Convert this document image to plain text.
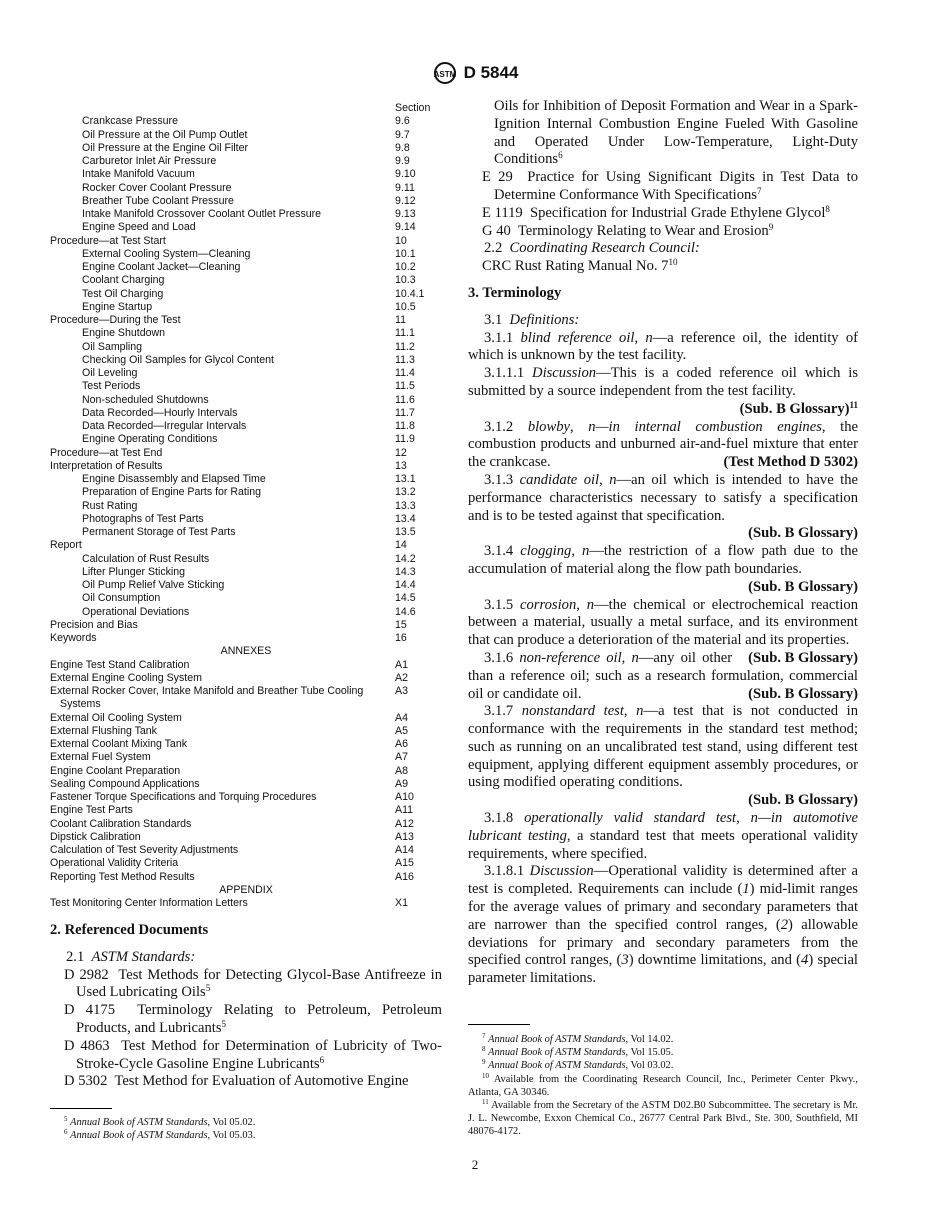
ASTM D 5844
Section
Crankcase Pressure	9.6
Oil Pressure at the Oil Pump Outlet	9.7
Oil Pressure at the Engine Oil Filter	9.8
Carburetor Inlet Air Pressure	9.9
Intake Manifold Vacuum	9.10
Rocker Cover Coolant Pressure	9.11
Breather Tube Coolant Pressure	9.12
Intake Manifold Crossover Coolant Outlet Pressure	9.13
Engine Speed and Load	9.14
Procedure—at Test Start	10
External Cooling System—Cleaning	10.1
Engine Coolant Jacket—Cleaning	10.2
Coolant Charging	10.3
Test Oil Charging	10.4.1
Engine Startup	10.5
Procedure—During the Test	11
Engine Shutdown	11.1
Oil Sampling	11.2
Checking Oil Samples for Glycol Content	11.3
Oil Leveling	11.4
Test Periods	11.5
Non-scheduled Shutdowns	11.6
Data Recorded—Hourly Intervals	11.7
Data Recorded—Irregular Intervals	11.8
Engine Operating Conditions	11.9
Procedure—at Test End	12
Interpretation of Results	13
Engine Disassembly and Elapsed Time	13.1
Preparation of Engine Parts for Rating	13.2
Rust Rating	13.3
Photographs of Test Parts	13.4
Permanent Storage of Test Parts	13.5
Report	14
Calculation of Rust Results	14.2
Lifter Plunger Sticking	14.3
Oil Pump Relief Valve Sticking	14.4
Oil Consumption	14.5
Operational Deviations	14.6
Precision and Bias	15
Keywords	16
ANNEXES
Engine Test Stand Calibration	A1
External Engine Cooling System	A2
External Rocker Cover, Intake Manifold and Breather Tube Cooling	A3
Systems
External Oil Cooling System	A4
External Flushing Tank	A5
External Coolant Mixing Tank	A6
External Fuel System	A7
Engine Coolant Preparation	A8
Sealing Compound Applications	A9
Fastener Torque Specifications and Torquing Procedures	A10
Engine Test Parts	A11
Coolant Calibration Standards	A12
Dipstick Calibration	A13
Calculation of Test Severity Adjustments	A14
Operational Validity Criteria	A15
Reporting Test Method Results	A16
APPENDIX
Test Monitoring Center Information Letters	X1
2. Referenced Documents

2.1 ASTM Standards:

D 2982 Test Methods for Detecting Glycol-Base Antifreeze in Used Lubricating Oils$^5$

D 4175 Terminology Relating to Petroleum, Petroleum Products, and Lubricants$^5$

D 4863 Test Method for Determination of Lubricity of Two-Stroke-Cycle Gasoline Engine Lubricants$^6$

D 5302 Test Method for Evaluation of Automotive Engine

$^5$ Annual Book of ASTM Standards, Vol 05.02.

$^6$ Annual Book of ASTM Standards, Vol 05.03.

Oils for Inhibition of Deposit Formation and Wear in a Spark-Ignition Internal Combustion Engine Fueled With Gasoline and Operated Under Low-Temperature, Light-Duty Conditions$^6$

E 29 Practice for Using Significant Digits in Test Data to Determine Conformance With Specifications$^7$

E 1119 Specification for Industrial Grade Ethylene Glycol$^8$

G 40 Terminology Relating to Wear and Erosion$^9$

2.2 Coordinating Research Council:

CRC Rust Rating Manual No. $7^{10}$

3. Terminology

3.1 Definitions:

3.1.1 blind reference oil, n—a reference oil, the identity of which is unknown by the test facility.

3.1.1.1 Discussion—This is a coded reference oil which is submitted by a source independent from the test facility.

(Sub. B Glossary)$^{11}$

3.1.2 blowby, n—in internal combustion engines, the combustion products and unburned air-and-fuel mixture that enter the crankcase.	(Test Method D 5302)

3.1.3 candidate oil, n—an oil which is intended to have the performance characteristics necessary to satisfy a specification and is to be tested against that specification.

(Sub. B Glossary)

3.1.4 clogging, n—the restriction of a flow path due to the accumulation of material along the flow path boundaries.

(Sub. B Glossary)

3.1.5 corrosion, n—the chemical or electrochemical reaction between a material, usually a metal surface, and its environment that can produce a deterioration of the material and its properties.
(Sub. B Glossary)

3.1.6 non-reference oil, n—any oil other than a reference oil; such as a research formulation, commercial oil or candidate oil.	(Sub. B Glossary)

3.1.7 nonstandard test, n—a test that is not conducted in conformance with the requirements in the standard test method; such as running on an uncalibrated test stand, using different test equipment, applying different equipment assembly procedures, or using modified operating conditions.

(Sub. B Glossary)

3.1.8 operationally valid standard test, n—in automotive lubricant testing, a standard test that meets operational validity requirements, where specified.

3.1.8.1 Discussion—Operational validity is determined after a test is completed. Requirements can include (1) mid-limit ranges for the average values of primary and secondary parameters that are narrower than the specified control ranges, (2) allowable deviations for primary and secondary parameters from the specified control ranges, (3) downtime limitations, and (4) special parameter limitations.

$^7$ Annual Book of ASTM Standards, Vol 14.02.

$^8$ Annual Book of ASTM Standards, Vol 15.05.

$^9$ Annual Book of ASTM Standards, Vol 03.02.

$^{10}$ Available from the Coordinating Research Council, Inc., Perimeter Center Pkwy., Atlanta, GA 30346.

$^{11}$ Available from the Secretary of the ASTM D02.B0 Subcommittee. The secretary is Mr. J. L. Newcombe, Exxon Chemical Co., 26777 Central Park Blvd., Ste. 300, Southfield, MI 48076-4172.

2
